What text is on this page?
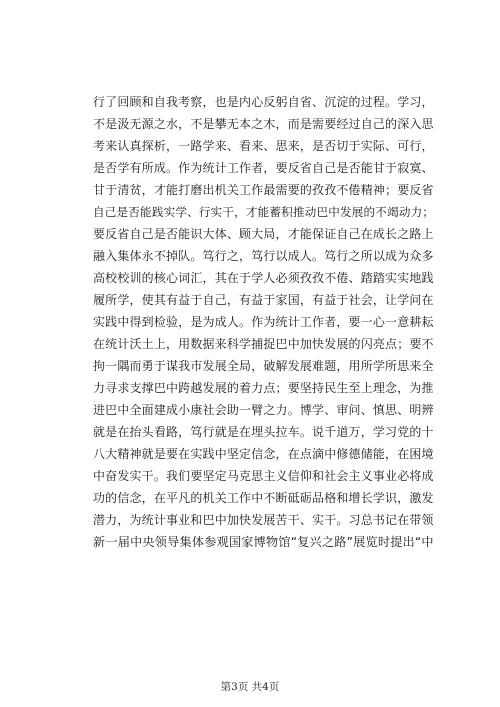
行了回顾和自我考察，也是内心反躬自省、沉淀的过程。学习，
不是汲无源之水，不是攀无本之木，而是需要经过自己的深入思
考来认真探析，一路学来、看来、思来，是否切于实际、可行，
是否学有所成。作为统计工作者，要反省自己是否能甘于寂寞、
甘于清贫，才能打磨出机关工作最需要的孜孜不倦精神；要反省
自己是否能践实学、行实干，才能蓄积推动巴中发展的不竭动力；
要反省自己是否能识大体、顾大局，才能保证自己在成长之路上
融入集体永不掉队。笃行之，笃行以成人。笃行之所以成为众多
高校校训的核心词汇，其在于学人必须孜孜不倦、踏踏实实地践
履所学，使其有益于自己，有益于家国，有益于社会，让学问在
实践中得到检验，是为成人。作为统计工作者，要一心一意耕耘
在统计沃土上，用数据来科学捕捉巴中加快发展的闪亮点；要不
拘一隅而勇于谋我市发展全局，破解发展难题，用所学所思来全
力寻求支撑巴中跨越发展的着力点；要坚持民生至上理念，为推
进巴中全面建成小康社会助一臂之力。博学、审问、慎思、明辨
就是在抬头看路，笃行就是在埋头拉车。说千道万，学习党的十
八大精神就是要在实践中坚定信念，在点滴中修德储能，在困境
中奋发实干。我们要坚定马克思主义信仰和社会主义事业必将成
功的信念，在平凡的机关工作中不断砥砺品格和增长学识，激发
潜力，为统计事业和巴中加快发展苦干、实干。习总书记在带领
新一届中央领导集体参观国家博物馆“复兴之路”展览时提出“中
第3页 共4页
